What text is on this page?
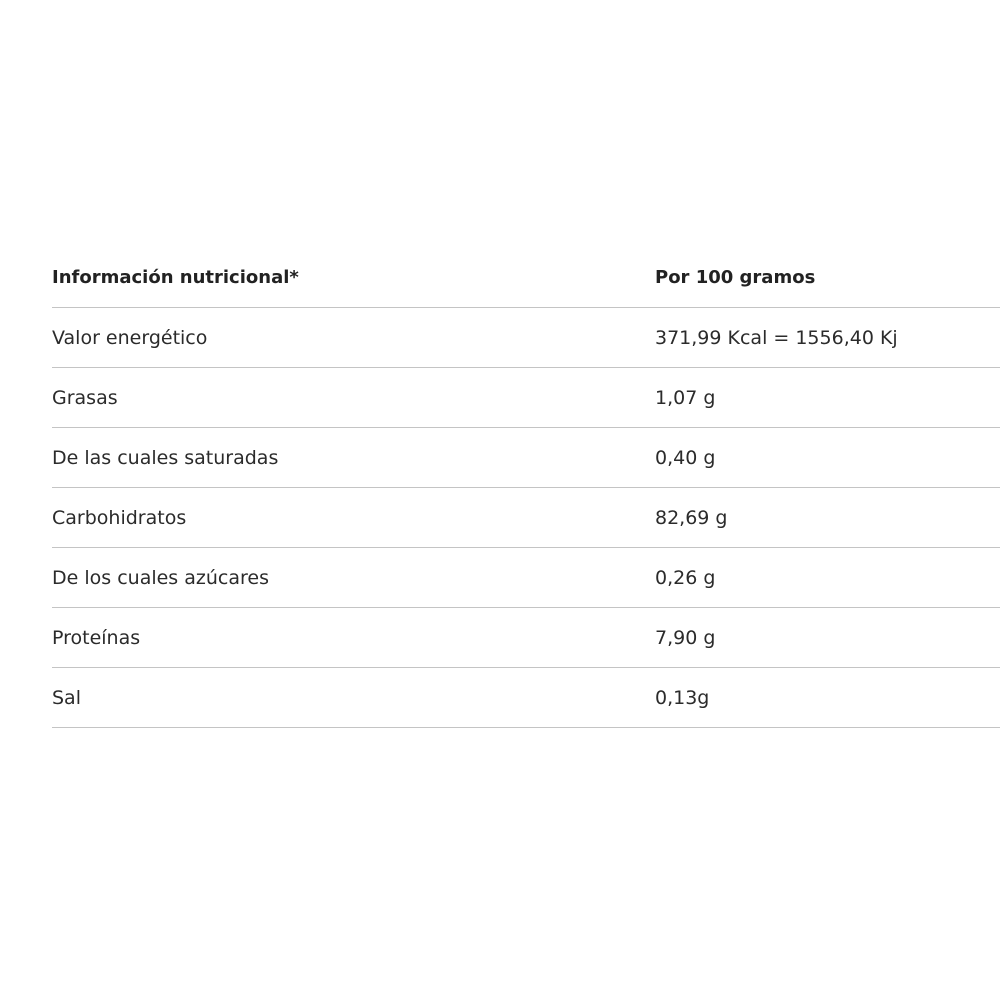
Información nutricional*	Por 100 gramos
Valor energético	371,99 Kcal = 1556,40 Kj
Grasas	1,07 g
De las cuales saturadas	0,40 g
Carbohidratos	82,69 g
De los cuales azúcares	0,26 g
Proteínas	7,90 g
Sal	0,13g
